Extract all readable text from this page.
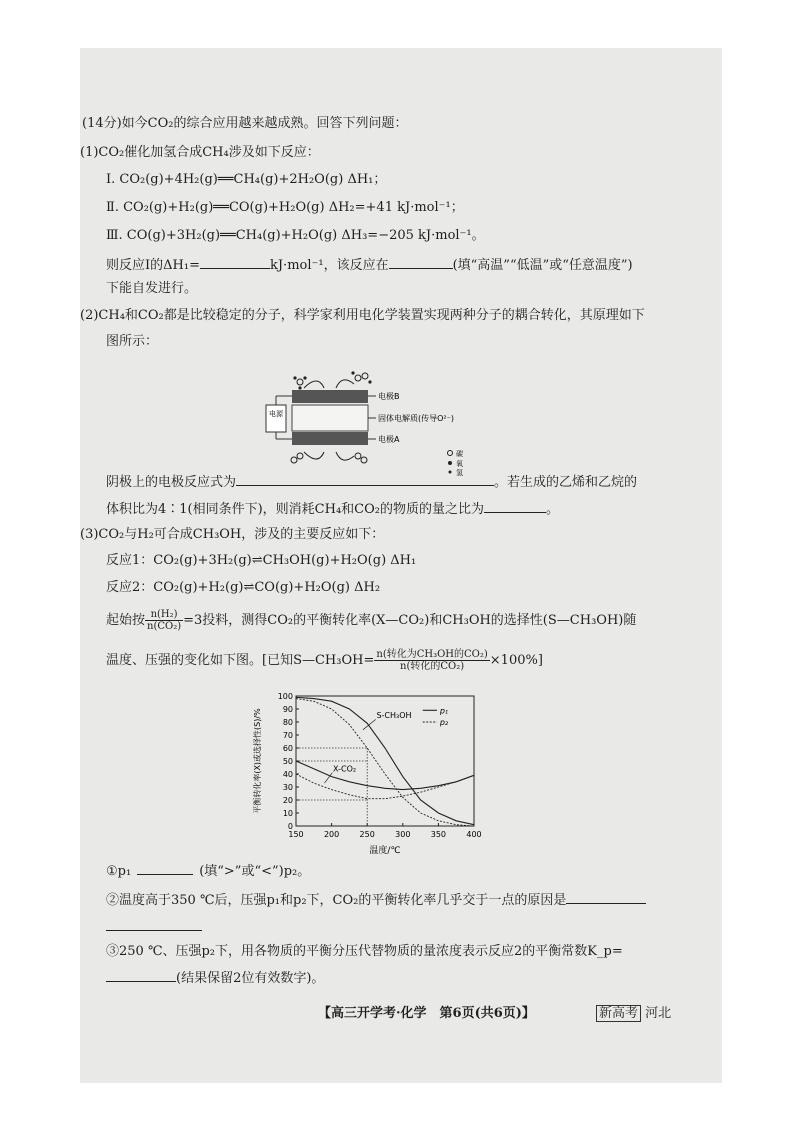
(14分)如今CO₂的综合应用越来越成熟。回答下列问题：
(1)CO₂催化加氢合成CH₄涉及如下反应：
Ⅰ. CO₂(g)+4H₂(g)══CH₄(g)+2H₂O(g) ΔH₁；
Ⅱ. CO₂(g)+H₂(g)══CO(g)+H₂O(g) ΔH₂=+41 kJ·mol⁻¹；
Ⅲ. CO(g)+3H₂(g)══CH₄(g)+H₂O(g) ΔH₃=−205 kJ·mol⁻¹。
则反应Ⅰ的ΔH₁=	kJ·mol⁻¹，该反应在	(填“高温”“低温”或“任意温度”)
下能自发进行。
(2)CH₄和CO₂都是比较稳定的分子，科学家利用电化学装置实现两种分子的耦合转化，其原理如下
图所示：
电源
电极B
固体电解质(传导O²⁻)
电极A
碳
氧
氢
阴极上的电极反应式为	。若生成的乙烯和乙烷的
体积比为4∶1(相同条件下)，则消耗CH₄和CO₂的物质的量之比为	。
(3)CO₂与H₂可合成CH₃OH，涉及的主要反应如下：
反应1：CO₂(g)+3H₂(g)⇌CH₃OH(g)+H₂O(g) ΔH₁
反应2：CO₂(g)+H₂(g)⇌CO(g)+H₂O(g) ΔH₂
起始按 $\frac{\text{n(H₂)}}{\text{n(CO₂)}} =3$投料，测得CO₂的平衡转化率(X—CO₂)和CH₃OH的选择性(S—CH₃OH)随
温度、压强的变化如下图。[已知S—CH₃OH= $\frac{\text{n(转化为CH₃OH的CO₂)}}{\text{n(转化的CO₂)}} \times 100\%$]
150	200	250	300	350	400
0
10
20
30
40
50
60
70
80
90
100
S-CH₃OH
X-CO₂
p₁
p₂
温度/℃
平衡转化率(X)或选择性(S)/%
①p₁	(填“>”或“<”)p₂。
②温度高于350 ℃后，压强p₁和p₂下，CO₂的平衡转化率几乎交于一点的原因是
③250 ℃、压强p₂下，用各物质的平衡分压代替物质的量浓度表示反应2的平衡常数K_p=
(结果保留2位有效数字)。
【高三开学考·化学　第6页(共6页)】	新高考 河北
